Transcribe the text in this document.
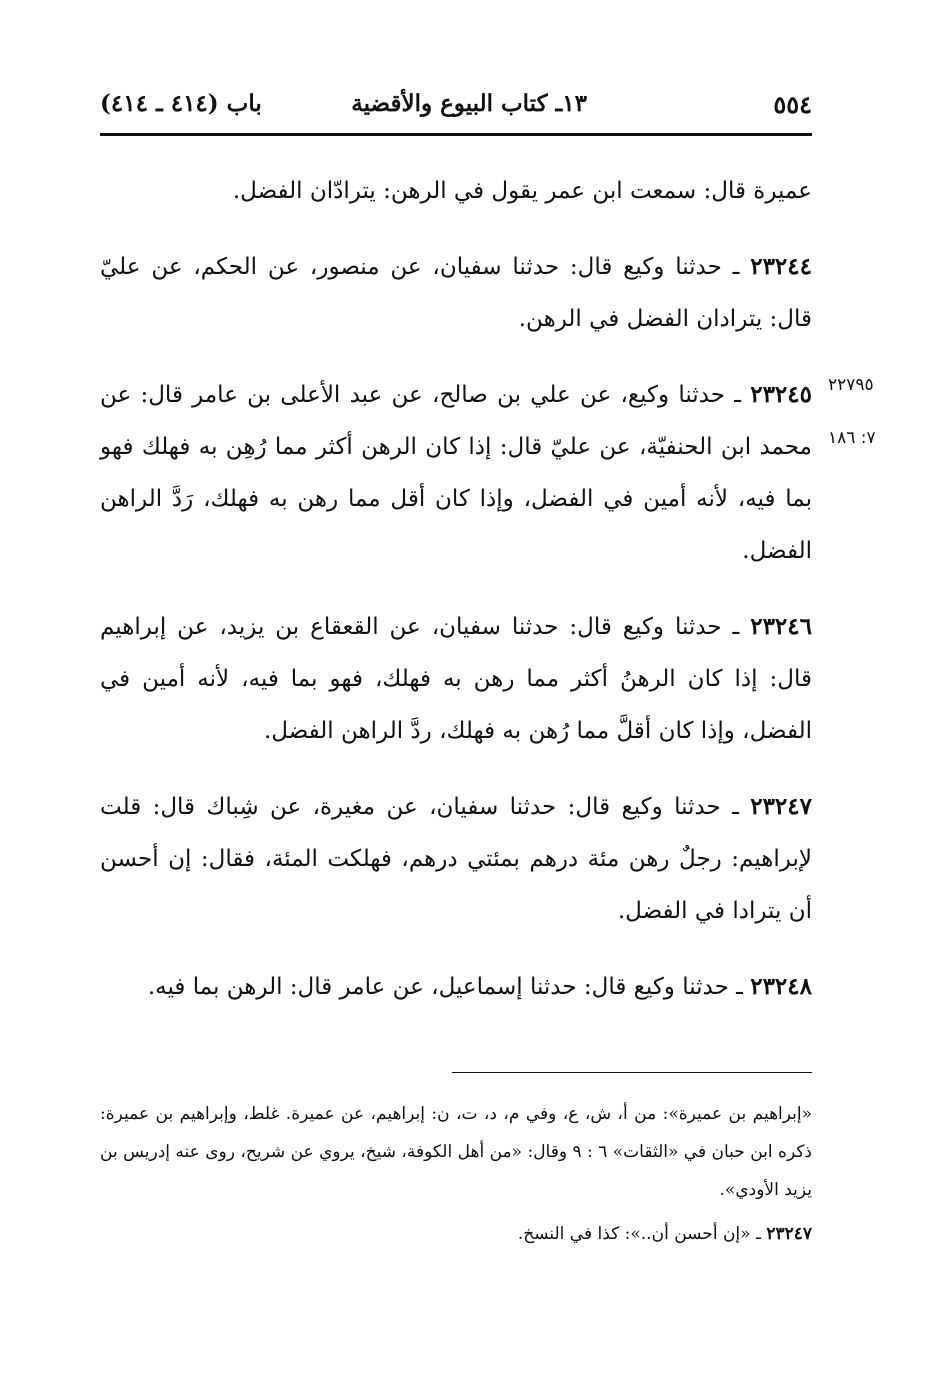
٥٥٤
١٣ـ كتاب البيوع والأقضية
باب (٤١٤ ـ ٤١٤)
٢٢٧٩٥
٧: ١٨٦

عميرة قال: سمعت ابن عمر يقول في الرهن: يترادّان الفضل.

٢٣٢٤٤ ـ حدثنا وكيع قال: حدثنا سفيان، عن منصور، عن الحكم، عن عليّ قال: يترادان الفضل في الرهن.

٢٣٢٤٥ ـ حدثنا وكيع، عن علي بن صالح، عن عبد الأعلى بن عامر قال: عن محمد ابن الحنفيّة، عن عليّ قال: إذا كان الرهن أكثر مما رُهِن به فهلك فهو بما فيه، لأنه أمين في الفضل، وإذا كان أقل مما رهن به فهلك، رَدَّ الراهن الفضل.

٢٣٢٤٦ ـ حدثنا وكيع قال: حدثنا سفيان، عن القعقاع بن يزيد، عن إبراهيم قال: إذا كان الرهنُ أكثر مما رهن به فهلك، فهو بما فيه، لأنه أمين في الفضل، وإذا كان أقلَّ مما رُهن به فهلك، ردَّ الراهن الفضل.

٢٣٢٤٧ ـ حدثنا وكيع قال: حدثنا سفيان، عن مغيرة، عن شِباك قال: قلت لإبراهيم: رجلٌ رهن مئة درهم بمئتي درهم، فهلكت المئة، فقال: إن أحسن أن يترادا في الفضل.

٢٣٢٤٨ ـ حدثنا وكيع قال: حدثنا إسماعيل، عن عامر قال: الرهن بما فيه.

«إبراهيم بن عميرة»: من أ، ش، ع، وفي م، د، ت، ن: إبراهيم، عن عميرة. غلط، وإبراهيم بن عميرة: ذكره ابن حبان في «الثقات» ٦ : ٩ وقال: «من أهل الكوفة، شيخ، يروي عن شريح، روى عنه إدريس بن يزيد الأودي».

٢٣٢٤٧ ـ «إن أحسن أن..»: كذا في النسخ.
